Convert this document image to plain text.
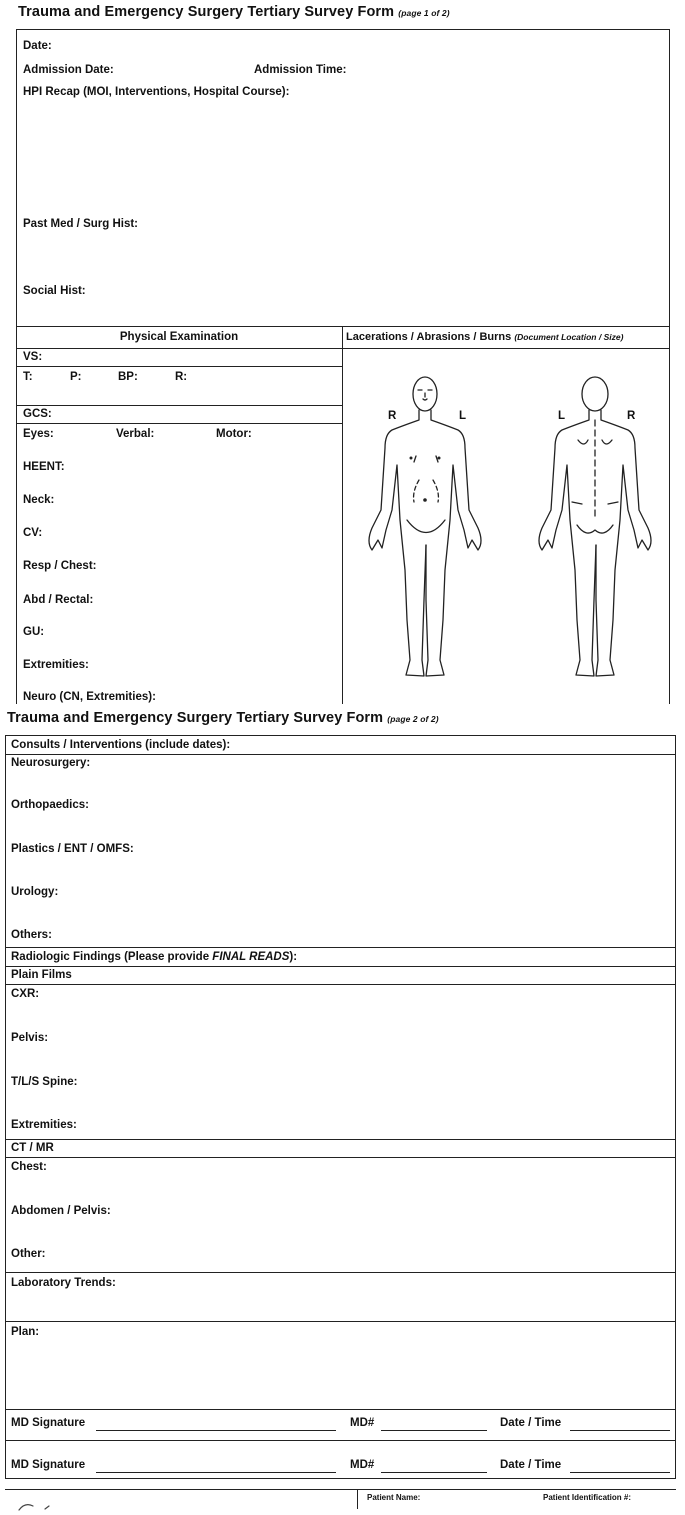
Trauma and Emergency Surgery Tertiary Survey Form (page 1 of 2)
Date:
Admission Date:	Admission Time:
HPI Recap (MOI, Interventions, Hospital Course):
Past Med / Surg Hist:
Social Hist:
Physical Examination	Lacerations / Abrasions / Burns (Document Location / Size)
VS:
T:	P:	BP:	R:
GCS:
Eyes:	Verbal:	Motor:
HEENT:
Neck:
CV:
Resp / Chest:
Abd / Rectal:
GU:
Extremities:
Neuro (CN, Extremities):
R	L	L	R
Trauma and Emergency Surgery Tertiary Survey Form (page 2 of 2)
Consults / Interventions (include dates):
Neurosurgery:
Orthopaedics:
Plastics / ENT / OMFS:
Urology:
Others:
Radiologic Findings (Please provide FINAL READS):
Plain Films
CXR:
Pelvis:
T/L/S Spine:
Extremities:
CT / MR
Chest:
Abdomen / Pelvis:
Other:
Laboratory Trends:
Plan:
MD Signature	MD#	Date / Time
MD Signature	MD#	Date / Time
Patient Name:	Patient Identification #:
